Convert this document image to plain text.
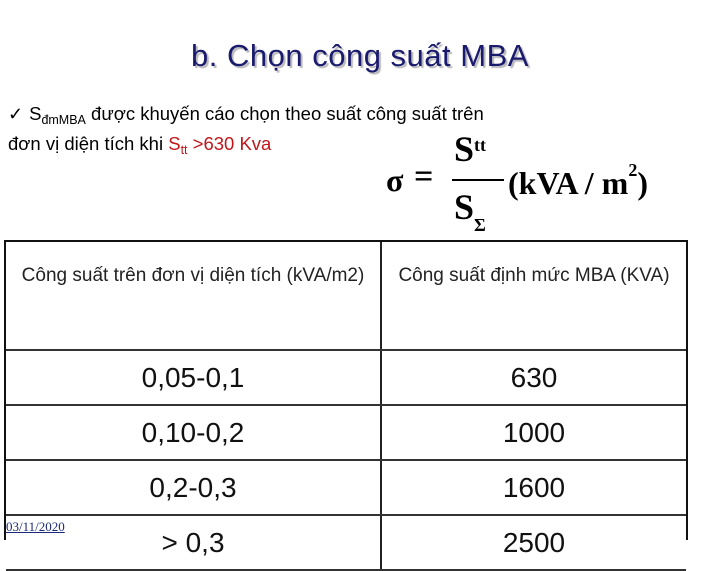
b. Chọn công suất MBA
✓ $S_{đmMBA}$ được khuyến cáo chọn theo suất công suất trên
đơn vị diện tích khi $S_{tt} >630$ Kva
σ =
$S^{tt}$
$S_\Sigma$
$(kVA / m^2)$
Công suất trên đơn vị diện tích (kVA/m2)	Công suất định mức MBA (KVA)
0,05-0,1	630
0,10-0,2	1000
0,2-0,3	1600
> 0,3	2500
03/11/2020
